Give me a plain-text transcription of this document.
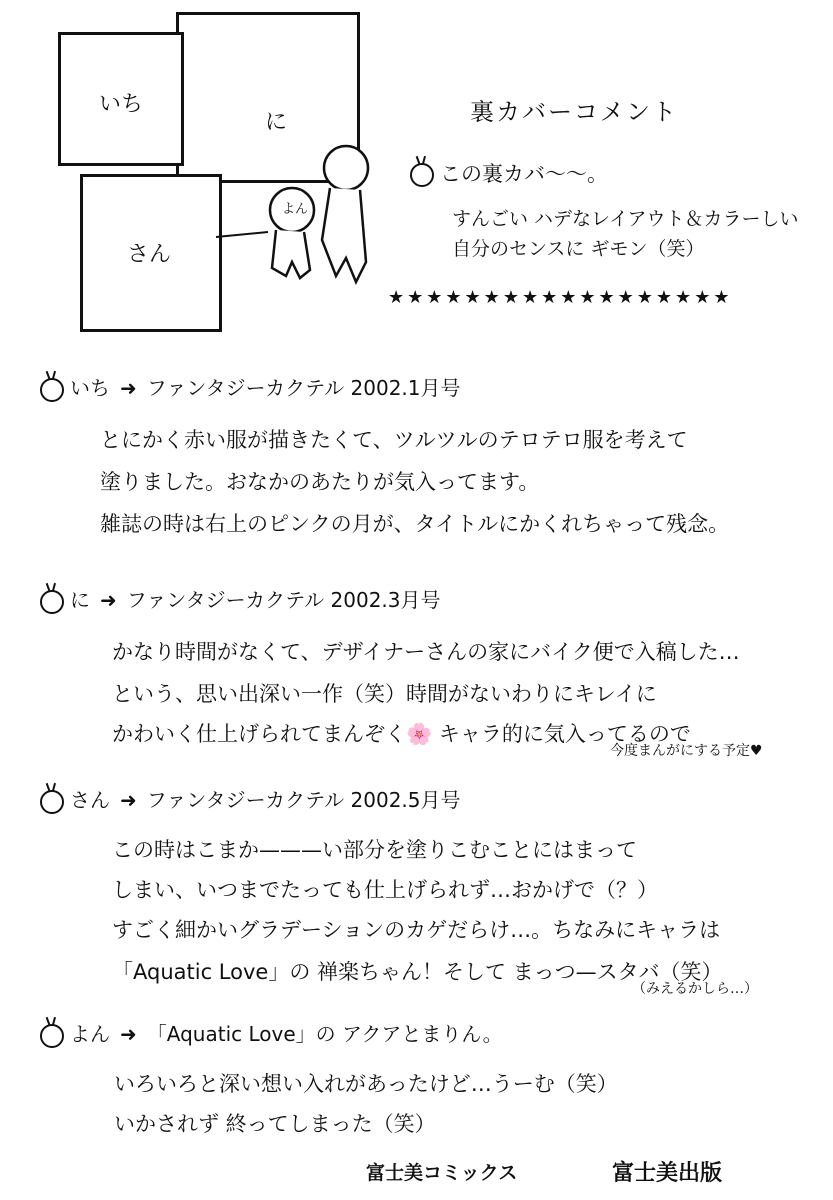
に
いち
さん
よん
裏カバーコメント
この裏カバ〜〜。
すんごい ハデなレイアウト＆カラーしい
自分のセンスに ギモン（笑）
★★★★★★★★★★★★★★★★★★
いち ➜ ファンタジーカクテル 2002.1月号
とにかく赤い服が描きたくて、ツルツルのテロテロ服を考えて
塗りました。おなかのあたりが気入ってます。
雑誌の時は右上のピンクの月が、タイトルにかくれちゃって残念。
に ➜ ファンタジーカクテル 2002.3月号
かなり時間がなくて、デザイナーさんの家にバイク便で入稿した…
という、思い出深い一作（笑）時間がないわりにキレイに
かわいく仕上げられてまんぞく🌸 キャラ的に気入ってるので
今度まんがにする予定♥
さん ➜ ファンタジーカクテル 2002.5月号
この時はこまか———い部分を塗りこむことにはまって
しまい、いつまでたっても仕上げられず…おかげで（？）
すごく細かいグラデーションのカゲだらけ…。ちなみにキャラは
「Aquatic Love」の 禅楽ちゃん！そして まっつ—スタバ（笑）
（みえるかしら…）
よん ➜ 「Aquatic Love」の アクアとまりん。
いろいろと深い想い入れがあったけど…うーむ（笑）
いかされず 終ってしまった（笑）
富士美コミックス	富士美出版
